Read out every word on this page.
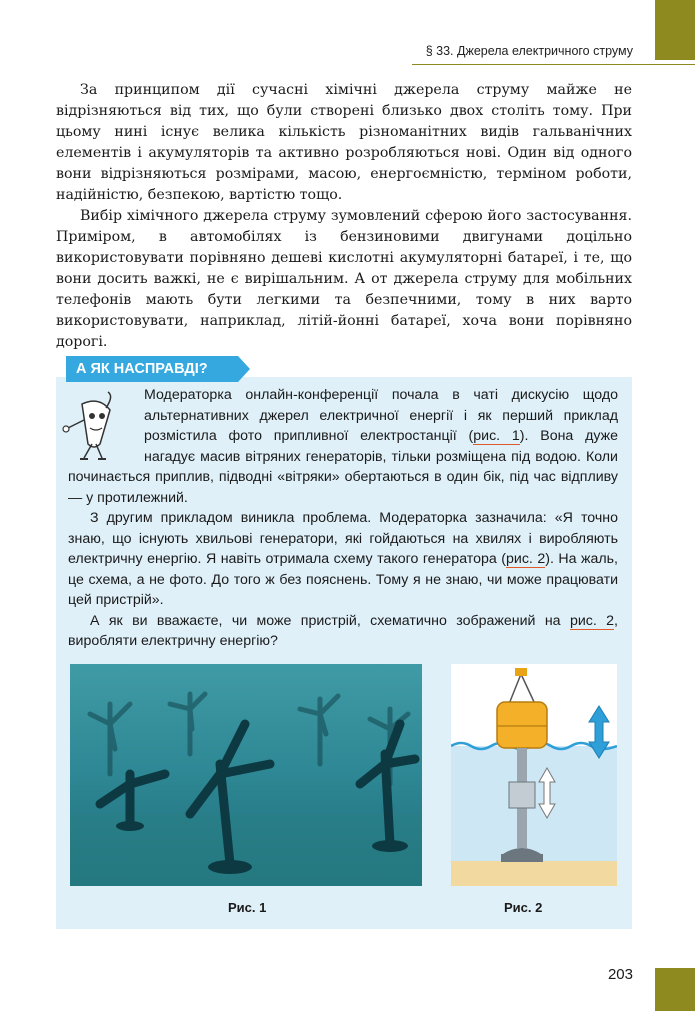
§ 33. Джерела електричного струму

За принципом дії сучасні хімічні джерела струму майже не відрізняються від тих, що були створені близько двох століть тому. При цьому нині існує велика кількість різноманітних видів гальванічних елементів і акумуляторів та активно розробляються нові. Один від одного вони відрізняються розмірами, масою, енергоємністю, терміном роботи, надійністю, безпекою, вартістю тощо.

Вибір хімічного джерела струму зумовлений сферою його застосування. Приміром, в автомобілях із бензиновими двигунами доцільно використовувати порівняно дешеві кислотні акумуляторні батареї, і те, що вони досить важкі, не є вирішальним. А от джерела струму для мобільних телефонів мають бути легкими та безпечними, тому в них варто використовувати, наприклад, літій-йонні батареї, хоча вони порівняно дорогі.

А ЯК НАСПРАВДІ?

Модераторка онлайн-конференції почала в чаті дискусію щодо альтернативних джерел електричної енергії і як перший приклад розмістила фото припливної електростанції (рис. 1). Вона дуже нагадує масив вітряних генераторів, тільки розміщена під водою. Коли починається приплив, підводні «вітряки» обертаються в один бік, під час відпливу — у протилежний.

З другим прикладом виникла проблема. Модераторка зазначила: «Я точно знаю, що існують хвильові генератори, які гойдаються на хвилях і виробляють електричну енергію. Я навіть отримала схему такого генератора (рис. 2). На жаль, це схема, а не фото. До того ж без пояснень. Тому я не знаю, чи може працювати цей пристрій».

А як ви вважаєте, чи може пристрій, схематично зображений на рис. 2, виробляти електричну енергію?

Рис. 1	Рис. 2
203
